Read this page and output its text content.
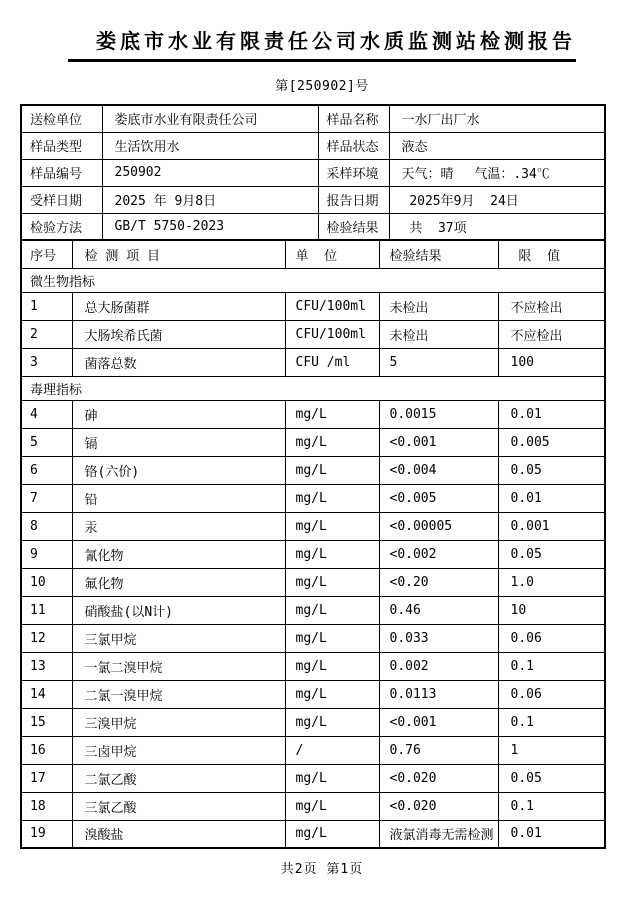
娄底市水业有限责任公司水质监测站检测报告
第[250902]号
送检单位	娄底市水业有限责任公司	样品名称	一水厂出厂水
样品类型	生活饮用水	样品状态	液态
样品编号	250902	采样环境	天气：晴　 气温：.34℃
受样日期	2025 年 9月8日	报告日期	2025年9月  24日
检验方法	GB/T 5750-2023	检验结果	共  37项
序号	检 测 项 目	单  位	检验结果	限  值
微生物指标				
1	总大肠菌群	CFU/100ml	未检出	不应检出
2	大肠埃希氏菌	CFU/100ml	未检出	不应检出
3	菌落总数	CFU /ml	5	100
毒理指标				
4	砷	mg/L	0.0015	0.01
5	镉	mg/L	<0.001	0.005
6	铬(六价)	mg/L	<0.004	0.05
7	铅	mg/L	<0.005	0.01
8	汞	mg/L	<0.00005	0.001
9	氰化物	mg/L	<0.002	0.05
10	氟化物	mg/L	<0.20	1.0
11	硝酸盐(以N计)	mg/L	0.46	10
12	三氯甲烷	mg/L	0.033	0.06
13	一氯二溴甲烷	mg/L	0.002	0.1
14	二氯一溴甲烷	mg/L	0.0113	0.06
15	三溴甲烷	mg/L	<0.001	0.1
16	三卤甲烷	/	0.76	1
17	二氯乙酸	mg/L	<0.020	0.05
18	三氯乙酸	mg/L	<0.020	0.1
19	溴酸盐	mg/L	液氯消毒无需检测	0.01
共2页 第1页
